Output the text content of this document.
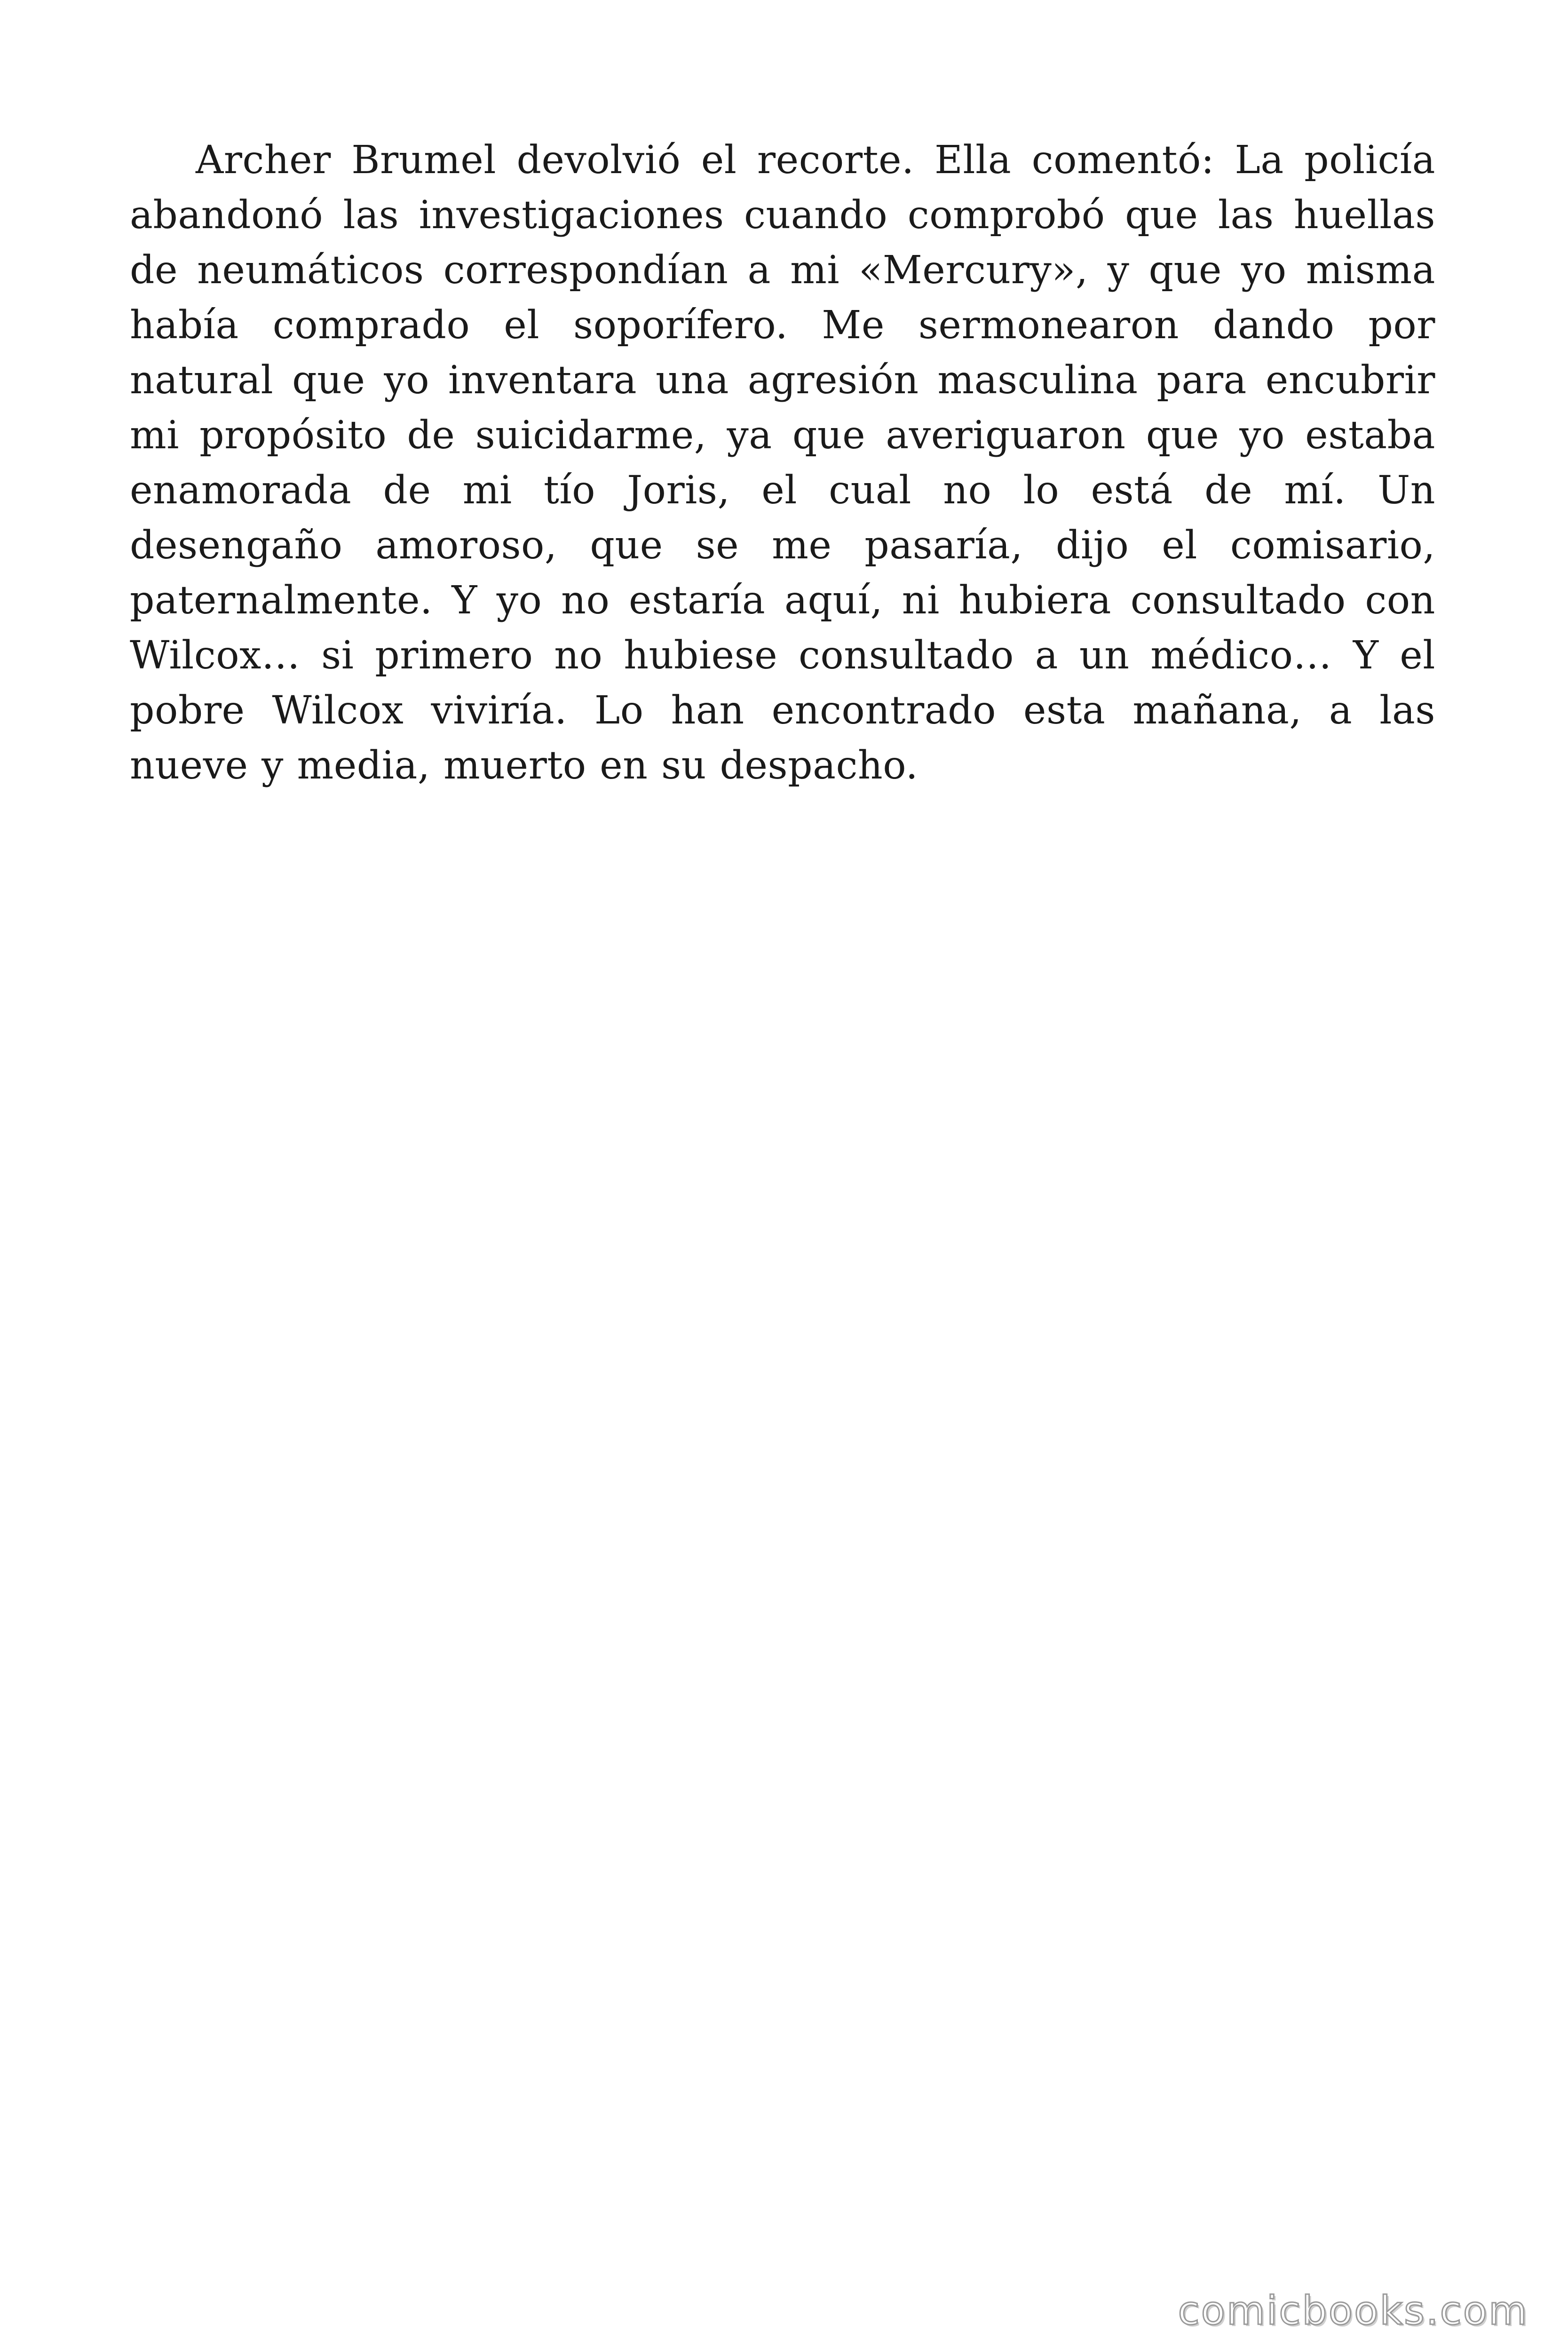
Archer Brumel devolvió el recorte. Ella comentó: La policía abandonó las investigaciones cuando comprobó que las huellas de neumáticos correspondían a mi «Mercury», y que yo misma había comprado el soporífero. Me sermonearon dando por natural que yo inventara una agresión masculina para encubrir mi propósito de suicidarme, ya que averiguaron que yo estaba enamorada de mi tío Joris, el cual no lo está de mí. Un desengaño amoroso, que se me pasaría, dijo el comisario, paternalmente. Y yo no estaría aquí, ni hubiera consultado con Wilcox… si primero no hubiese consultado a un médico… Y el pobre Wilcox viviría. Lo han encontrado esta mañana, a las nueve y media, muerto en su despacho.

comicbooks.com
